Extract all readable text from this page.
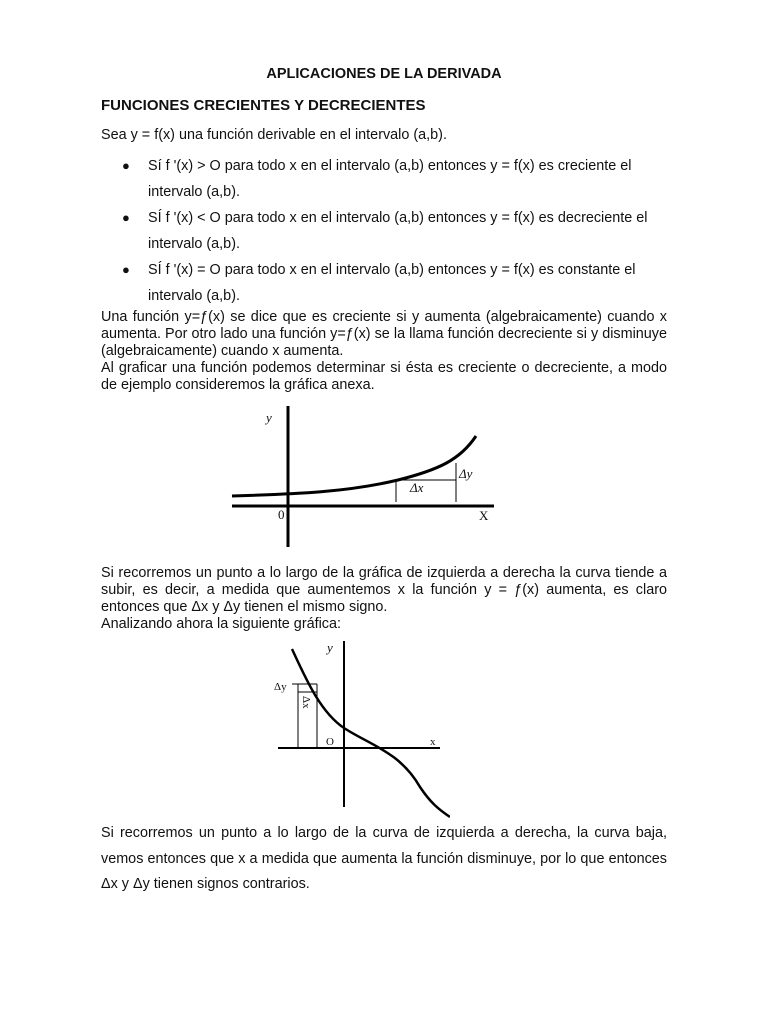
APLICACIONES DE LA DERIVADA
FUNCIONES CRECIENTES Y DECRECIENTES

Sea y = f(x) una función derivable en el intervalo (a,b).

● Sí f '(x) > O para todo x en el intervalo (a,b) entonces y = f(x) es creciente el intervalo (a,b).
● SÍ f '(x) < O para todo x en el intervalo (a,b) entonces y = f(x) es decreciente el intervalo (a,b).
● SÍ f '(x) = O para todo x en el intervalo (a,b) entonces y = f(x) es constante el intervalo (a,b).

Una función y=ƒ(x) se dice que es creciente si y aumenta (algebraicamente) cuando x aumenta. Por otro lado una función y=ƒ(x) se la llama función decreciente si y disminuye (algebraicamente) cuando x aumenta.
Al graficar una función podemos determinar si ésta es creciente o decreciente, a modo de ejemplo consideremos la gráfica anexa.

y
X
0
Δx
Δy

Si recorremos un punto a lo largo de la gráfica de izquierda a derecha la curva tiende a subir, es decir, a medida que aumentemos x la función y = ƒ(x) aumenta, es claro entonces que Δx y Δy tienen el mismo signo.
Analizando ahora la siguiente gráfica:

y
x
O
Δy
Δx

Si recorremos un punto a lo largo de la curva de izquierda a derecha, la curva baja, vemos entonces que x a medida que aumenta la función disminuye, por lo que entonces Δx y Δy tienen signos contrarios.
